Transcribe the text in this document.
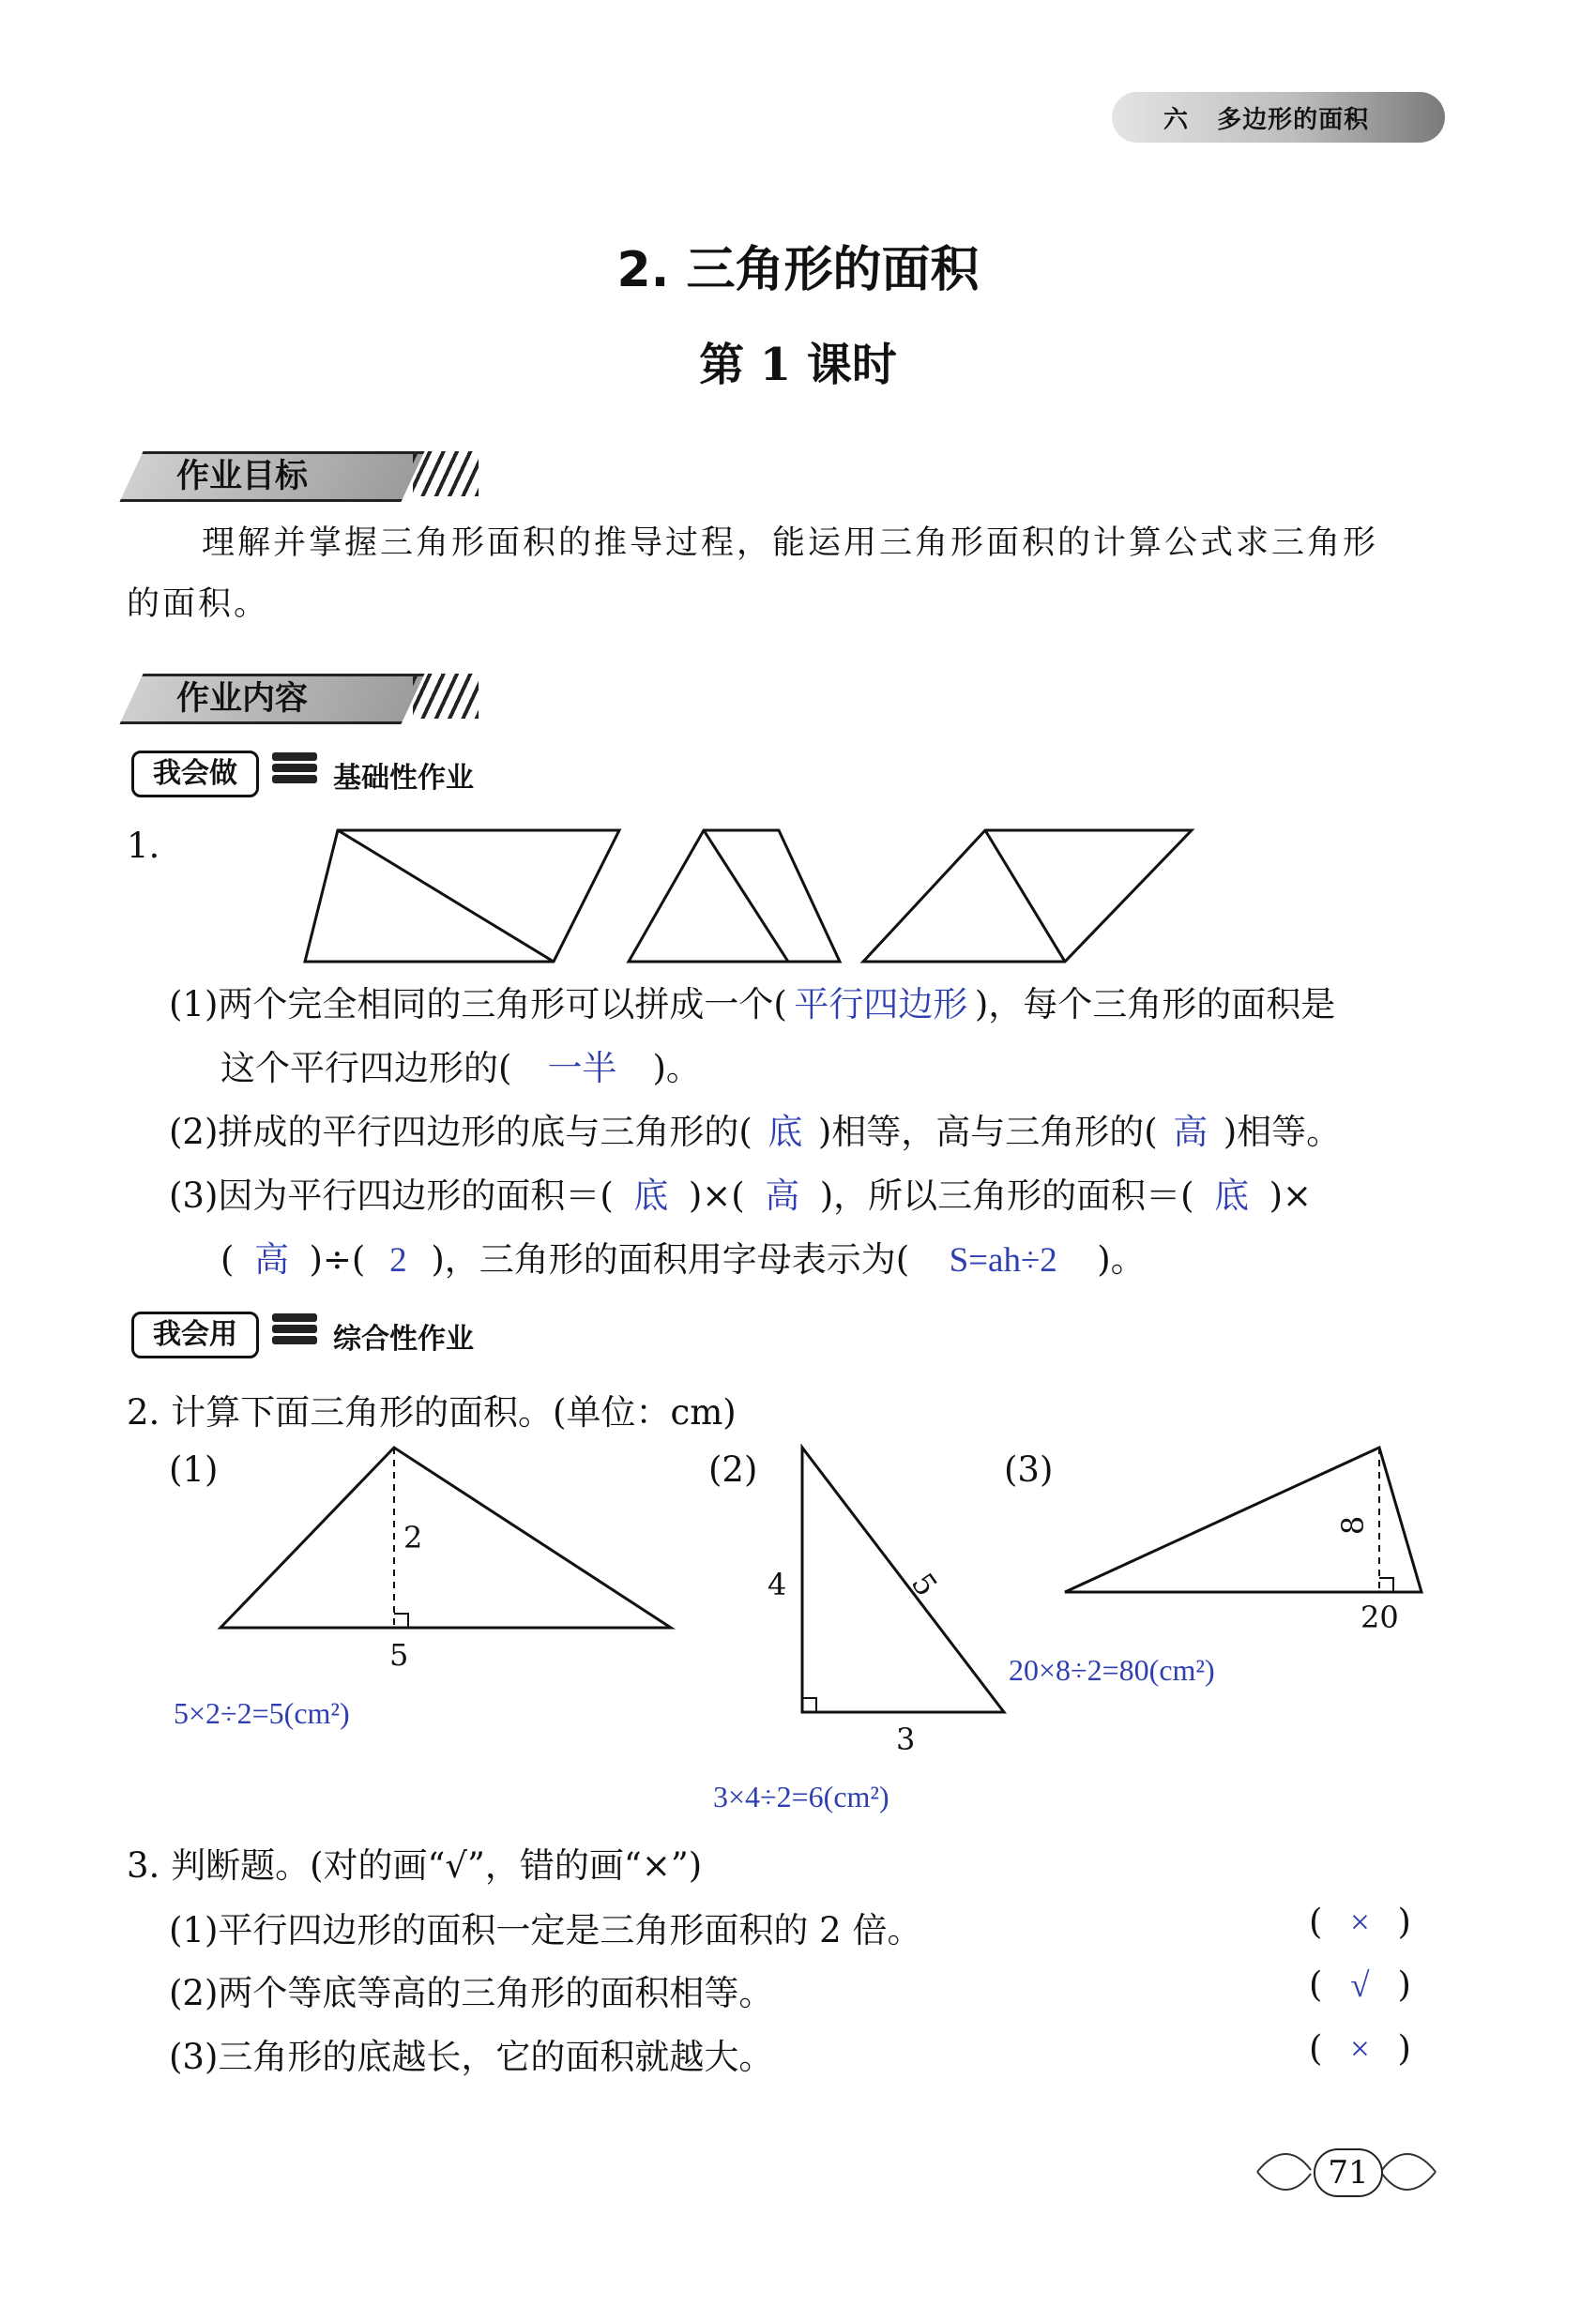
六 多边形的面积
2. 三角形的面积
第 1 课时
作业目标
理解并掌握三角形面积的推导过程，能运用三角形面积的计算公式求三角形
的面积。
作业内容
我会做	基础性作业
1.
(1)两个完全相同的三角形可以拼成一个( 平行四边形 )，每个三角形的面积是
这个平行四边形的( 一半 )。
(2)拼成的平行四边形的底与三角形的( 底 )相等，高与三角形的( 高 )相等。
(3)因为平行四边形的面积＝( 底 )×( 高 )，所以三角形的面积＝( 底 )×
( 高 )÷( 2 )，三角形的面积用字母表示为( S=ah÷2 )。
我会用	综合性作业
2. 计算下面三角形的面积。(单位：cm)
(1)
2
5
5×2÷2=5(cm²)
(2)
4	5
3
3×4÷2=6(cm²)
(3)
8
20
20×8÷2=80(cm²)
3. 判断题。(对的画“√”，错的画“×”)
(1)平行四边形的面积一定是三角形面积的 2 倍。	( × )
(2)两个等底等高的三角形的面积相等。	( √ )
(3)三角形的底越长，它的面积就越大。	( × )
71
